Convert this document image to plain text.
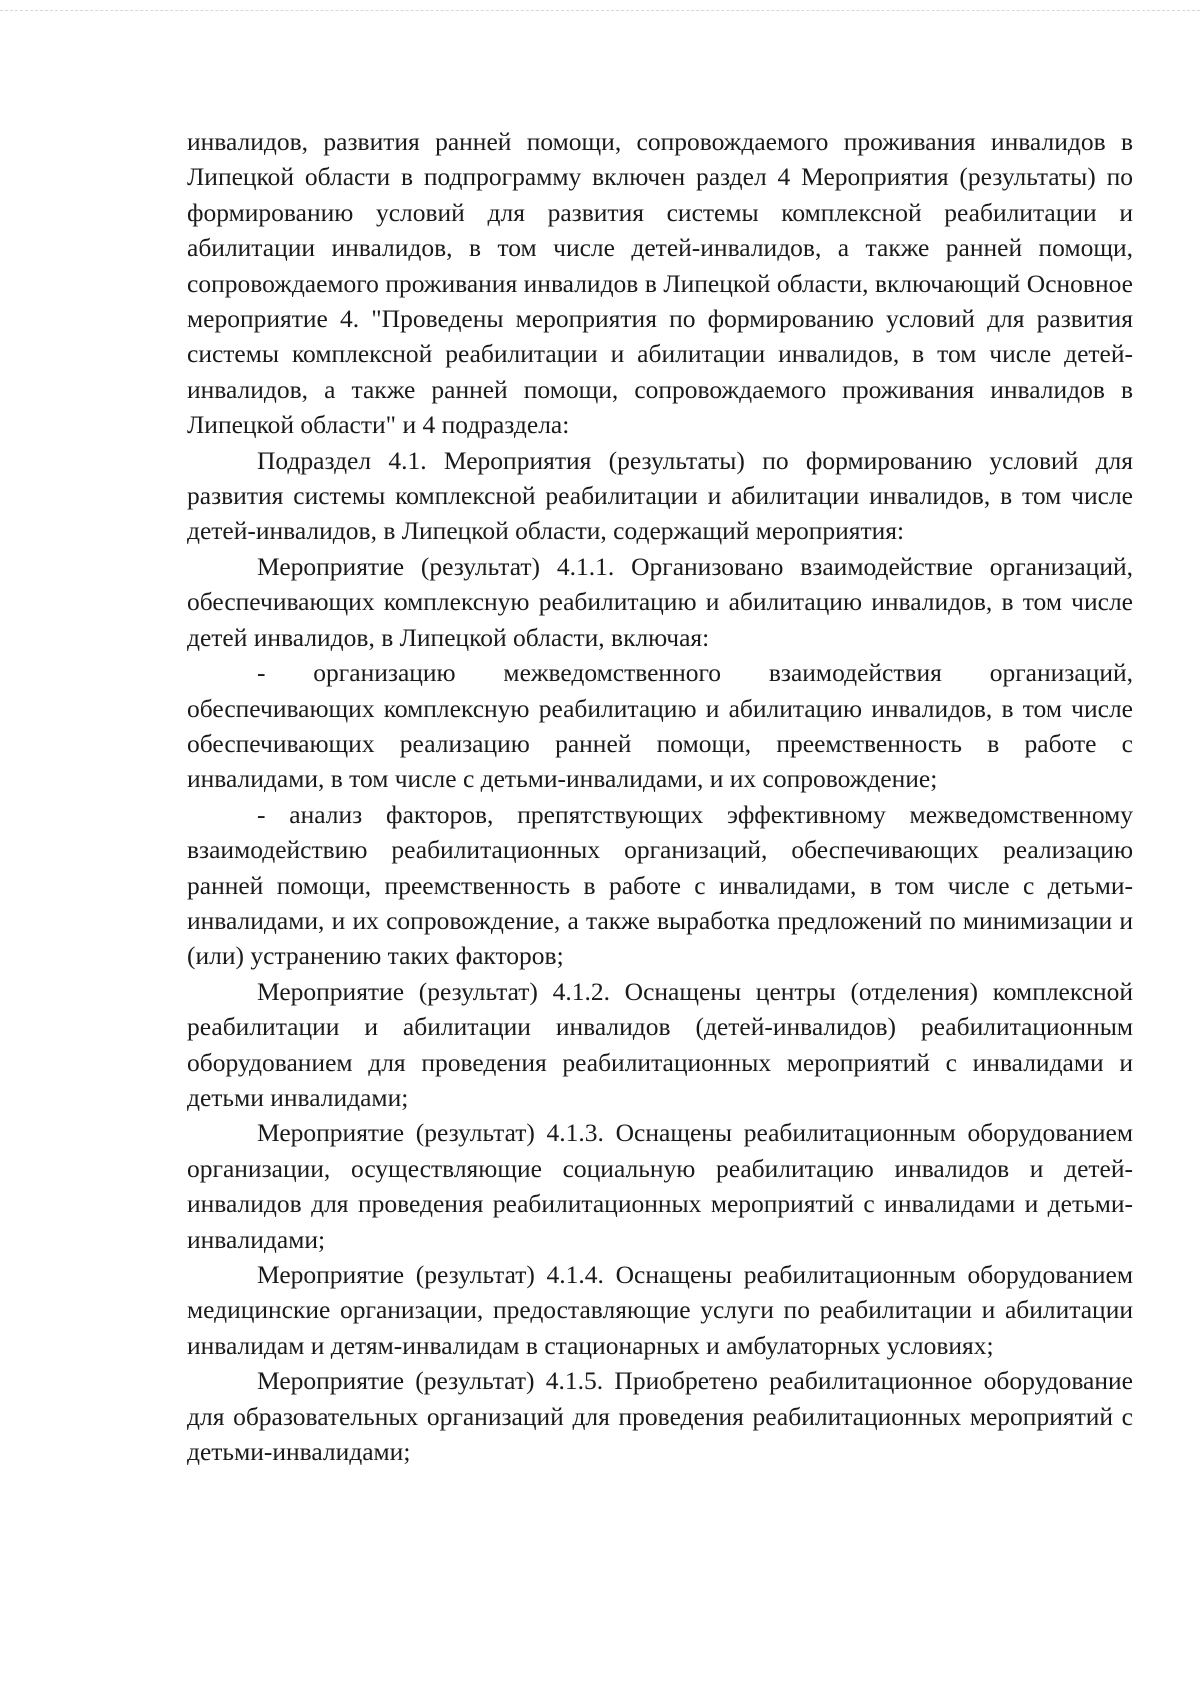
инвалидов, развития ранней помощи, сопровождаемого проживания инвалидов в Липецкой области в подпрограмму включен раздел 4 Мероприятия (результаты) по формированию условий для развития системы комплексной реабилитации и абилитации инвалидов, в том числе детей-инвалидов, а также ранней помощи, сопровождаемого проживания инвалидов в Липецкой области, включающий Основное мероприятие 4. "Проведены мероприятия по формированию условий для развития системы комплексной реабилитации и абилитации инвалидов, в том числе детей-инвалидов, а также ранней помощи, сопровождаемого проживания инвалидов в Липецкой области" и 4 подраздела:

Подраздел 4.1. Мероприятия (результаты) по формированию условий для развития системы комплексной реабилитации и абилитации инвалидов, в том числе детей-инвалидов, в Липецкой области, содержащий мероприятия:

Мероприятие (результат) 4.1.1. Организовано взаимодействие организаций, обеспечивающих комплексную реабилитацию и абилитацию инвалидов, в том числе детей инвалидов, в Липецкой области, включая:

- организацию межведомственного взаимодействия организаций, обеспечивающих комплексную реабилитацию и абилитацию инвалидов, в том числе обеспечивающих реализацию ранней помощи, преемственность в работе с инвалидами, в том числе с детьми-инвалидами, и их сопровождение;

- анализ факторов, препятствующих эффективному межведомственному взаимодействию реабилитационных организаций, обеспечивающих реализацию ранней помощи, преемственность в работе с инвалидами, в том числе с детьми-инвалидами, и их сопровождение, а также выработка предложений по минимизации и (или) устранению таких факторов;

Мероприятие (результат) 4.1.2. Оснащены центры (отделения) комплексной реабилитации и абилитации инвалидов (детей-инвалидов) реабилитационным оборудованием для проведения реабилитационных мероприятий с инвалидами и детьми инвалидами;

Мероприятие (результат) 4.1.3. Оснащены реабилитационным оборудованием организации, осуществляющие социальную реабилитацию инвалидов и детей-инвалидов для проведения реабилитационных мероприятий с инвалидами и детьми-инвалидами;

Мероприятие (результат) 4.1.4. Оснащены реабилитационным оборудованием медицинские организации, предоставляющие услуги по реабилитации и абилитации инвалидам и детям-инвалидам в стационарных и амбулаторных условиях;

Мероприятие (результат) 4.1.5. Приобретено реабилитационное оборудование для образовательных организаций для проведения реабилитационных мероприятий с детьми-инвалидами;
